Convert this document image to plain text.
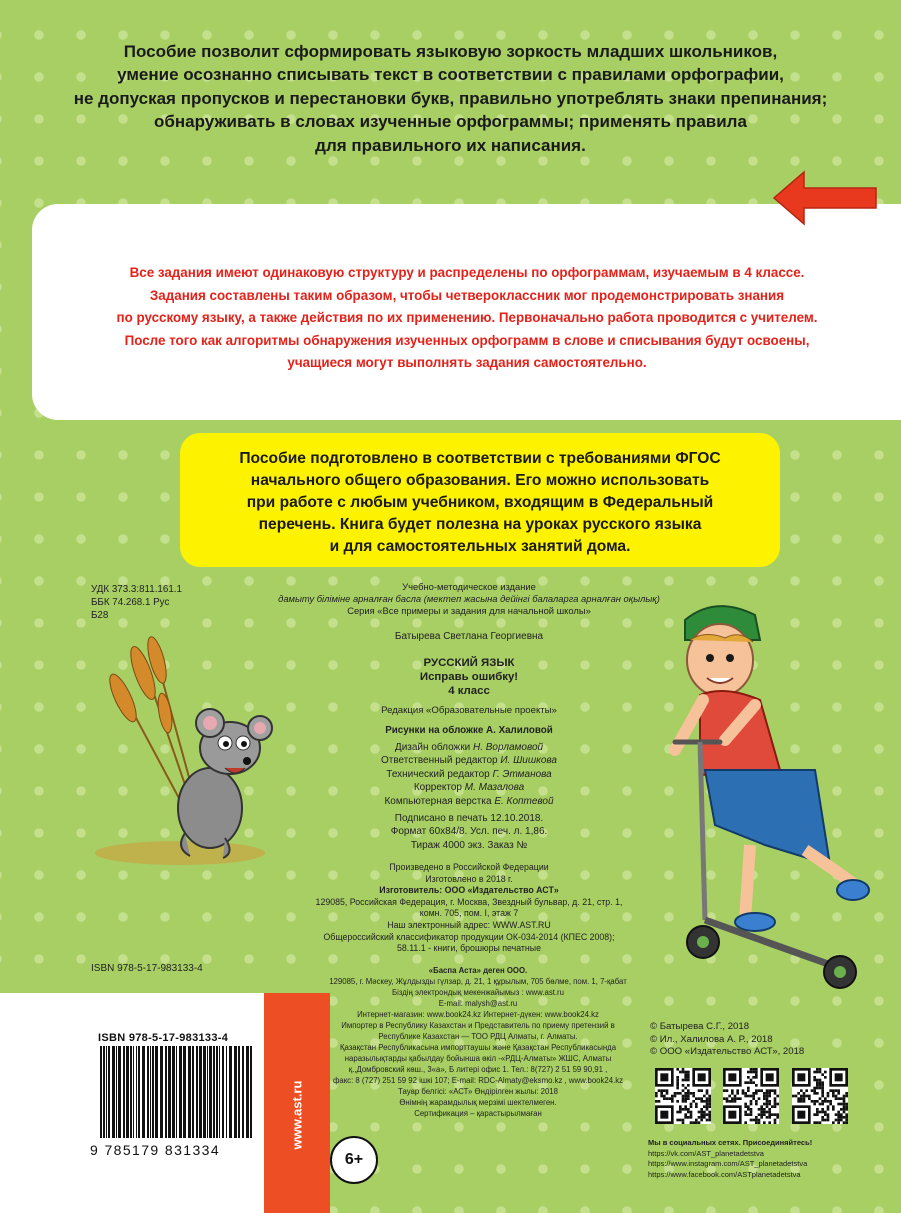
Пособие позволит сформировать языковую зоркость младших школьников,
умение осознанно списывать текст в соответствии с правилами орфографии,
не допуская пропусков и перестановки букв, правильно употреблять знаки препинания;
обнаруживать в словах изученные орфограммы; применять правила
для правильного их написания.

Все задания имеют одинаковую структуру и распределены по орфограммам, изучаемым в 4 классе.
Задания составлены таким образом, чтобы четвероклассник мог продемонстрировать знания
по русскому языку, а также действия по их применению. Первоначально работа проводится с учителем.
После того как алгоритмы обнаружения изученных орфограмм в слове и списывания будут освоены,
учащиеся могут выполнять задания самостоятельно.

Пособие подготовлено в соответствии с требованиями ФГОС
начального общего образования. Его можно использовать
при работе с любым учебником, входящим в Федеральный
перечень. Книга будет полезна на уроках русского языка
и для самостоятельных занятий дома.

УДК 373.3:811.161.1
ББК 74.268.1 Рус
Б28
Учебно-методическое издание
дамыту біліміне арналған басла (мектеп жасына дейінгі балаларга арналған оқылық)
Серия «Все примеры и задания для начальной школы»
Батырева Светлана Георгиевна
РУССКИЙ ЯЗЫК
Исправь ошибку!
4 класс
Редакция «Образовательные проекты»
Рисунки на обложке А. Халиловой
Дизайн обложки Н. Ворламовой
Ответственный редактор И. Шишкова
Технический редактор Г. Этманова
Корректор М. Мазалова
Компьютерная верстка Е. Коптевой
Подписано в печать 12.10.2018.
Формат 60x84/8. Усл. печ. л. 1,86.
Тираж 4000 экз. Заказ №
Произведено в Российской Федерации
Изготовлено в 2018 г.
Изготовитель: ООО «Издательство АСТ»
129085, Российская Федерация, г. Москва, Звездный бульвар, д. 21, стр. 1,
комн. 705, пом. I, этаж 7
Наш электронный адрес: WWW.AST.RU
Общероссийский классификатор продукции ОК-034-2014 (КПЕС 2008);
58.11.1 - книги, брошюры печатные
ISBN 978-5-17-983133-4
www.ast.ru
ISBN 978-5-17-983133-4
9 785179 831334
6+
«Баспа Аста» деген ООО.
129085, г. Мәскеу, Жұлдызды гүлзар, д. 21, 1 құрылым, 705 бөлме, пом. 1, 7-қабат
Біздің электрондық мекенжайымыз : www.ast.ru
E-mail: malysh@ast.ru
Интернет-магазин: www.book24.kz Интернет-дүкен: www.book24.kz
Импортер в Республику Казахстан и Представитель по приему претензий в
Республике Казахстан — ТОО РДЦ Алматы, г. Алматы.
Қазақстан Республикасына импорттаушы және Қазақстан Республикасында
наразылықтарды қабылдау бойынша өкіл -«РДЦ-Алматы» ЖШС, Алматы
қ.,Домбровский көш., 3«а», Б литері офис 1. Тел.: 8(727) 2 51 59 90,91 ,
факс: 8 (727) 251 59 92 ішкі 107; E-mail: RDC-Almaty@eksmo.kz , www.book24.kz
Тауар белгісі: «АСТ» Өндірілген жылы: 2018
Өнімнің жарамдылық мерзімі шектелмеген.
Сертификация – қарастырылмаған
© Батырева С.Г., 2018
© Ил., Халилова А. Р., 2018
© ООО «Издательство АСТ», 2018
Мы в социальных сетях. Присоединяйтесь!
https://vk.com/AST_planetadetstva
https://www.instagram.com/AST_planetadetstva
https://www.facebook.com/ASTplanetadetstva
